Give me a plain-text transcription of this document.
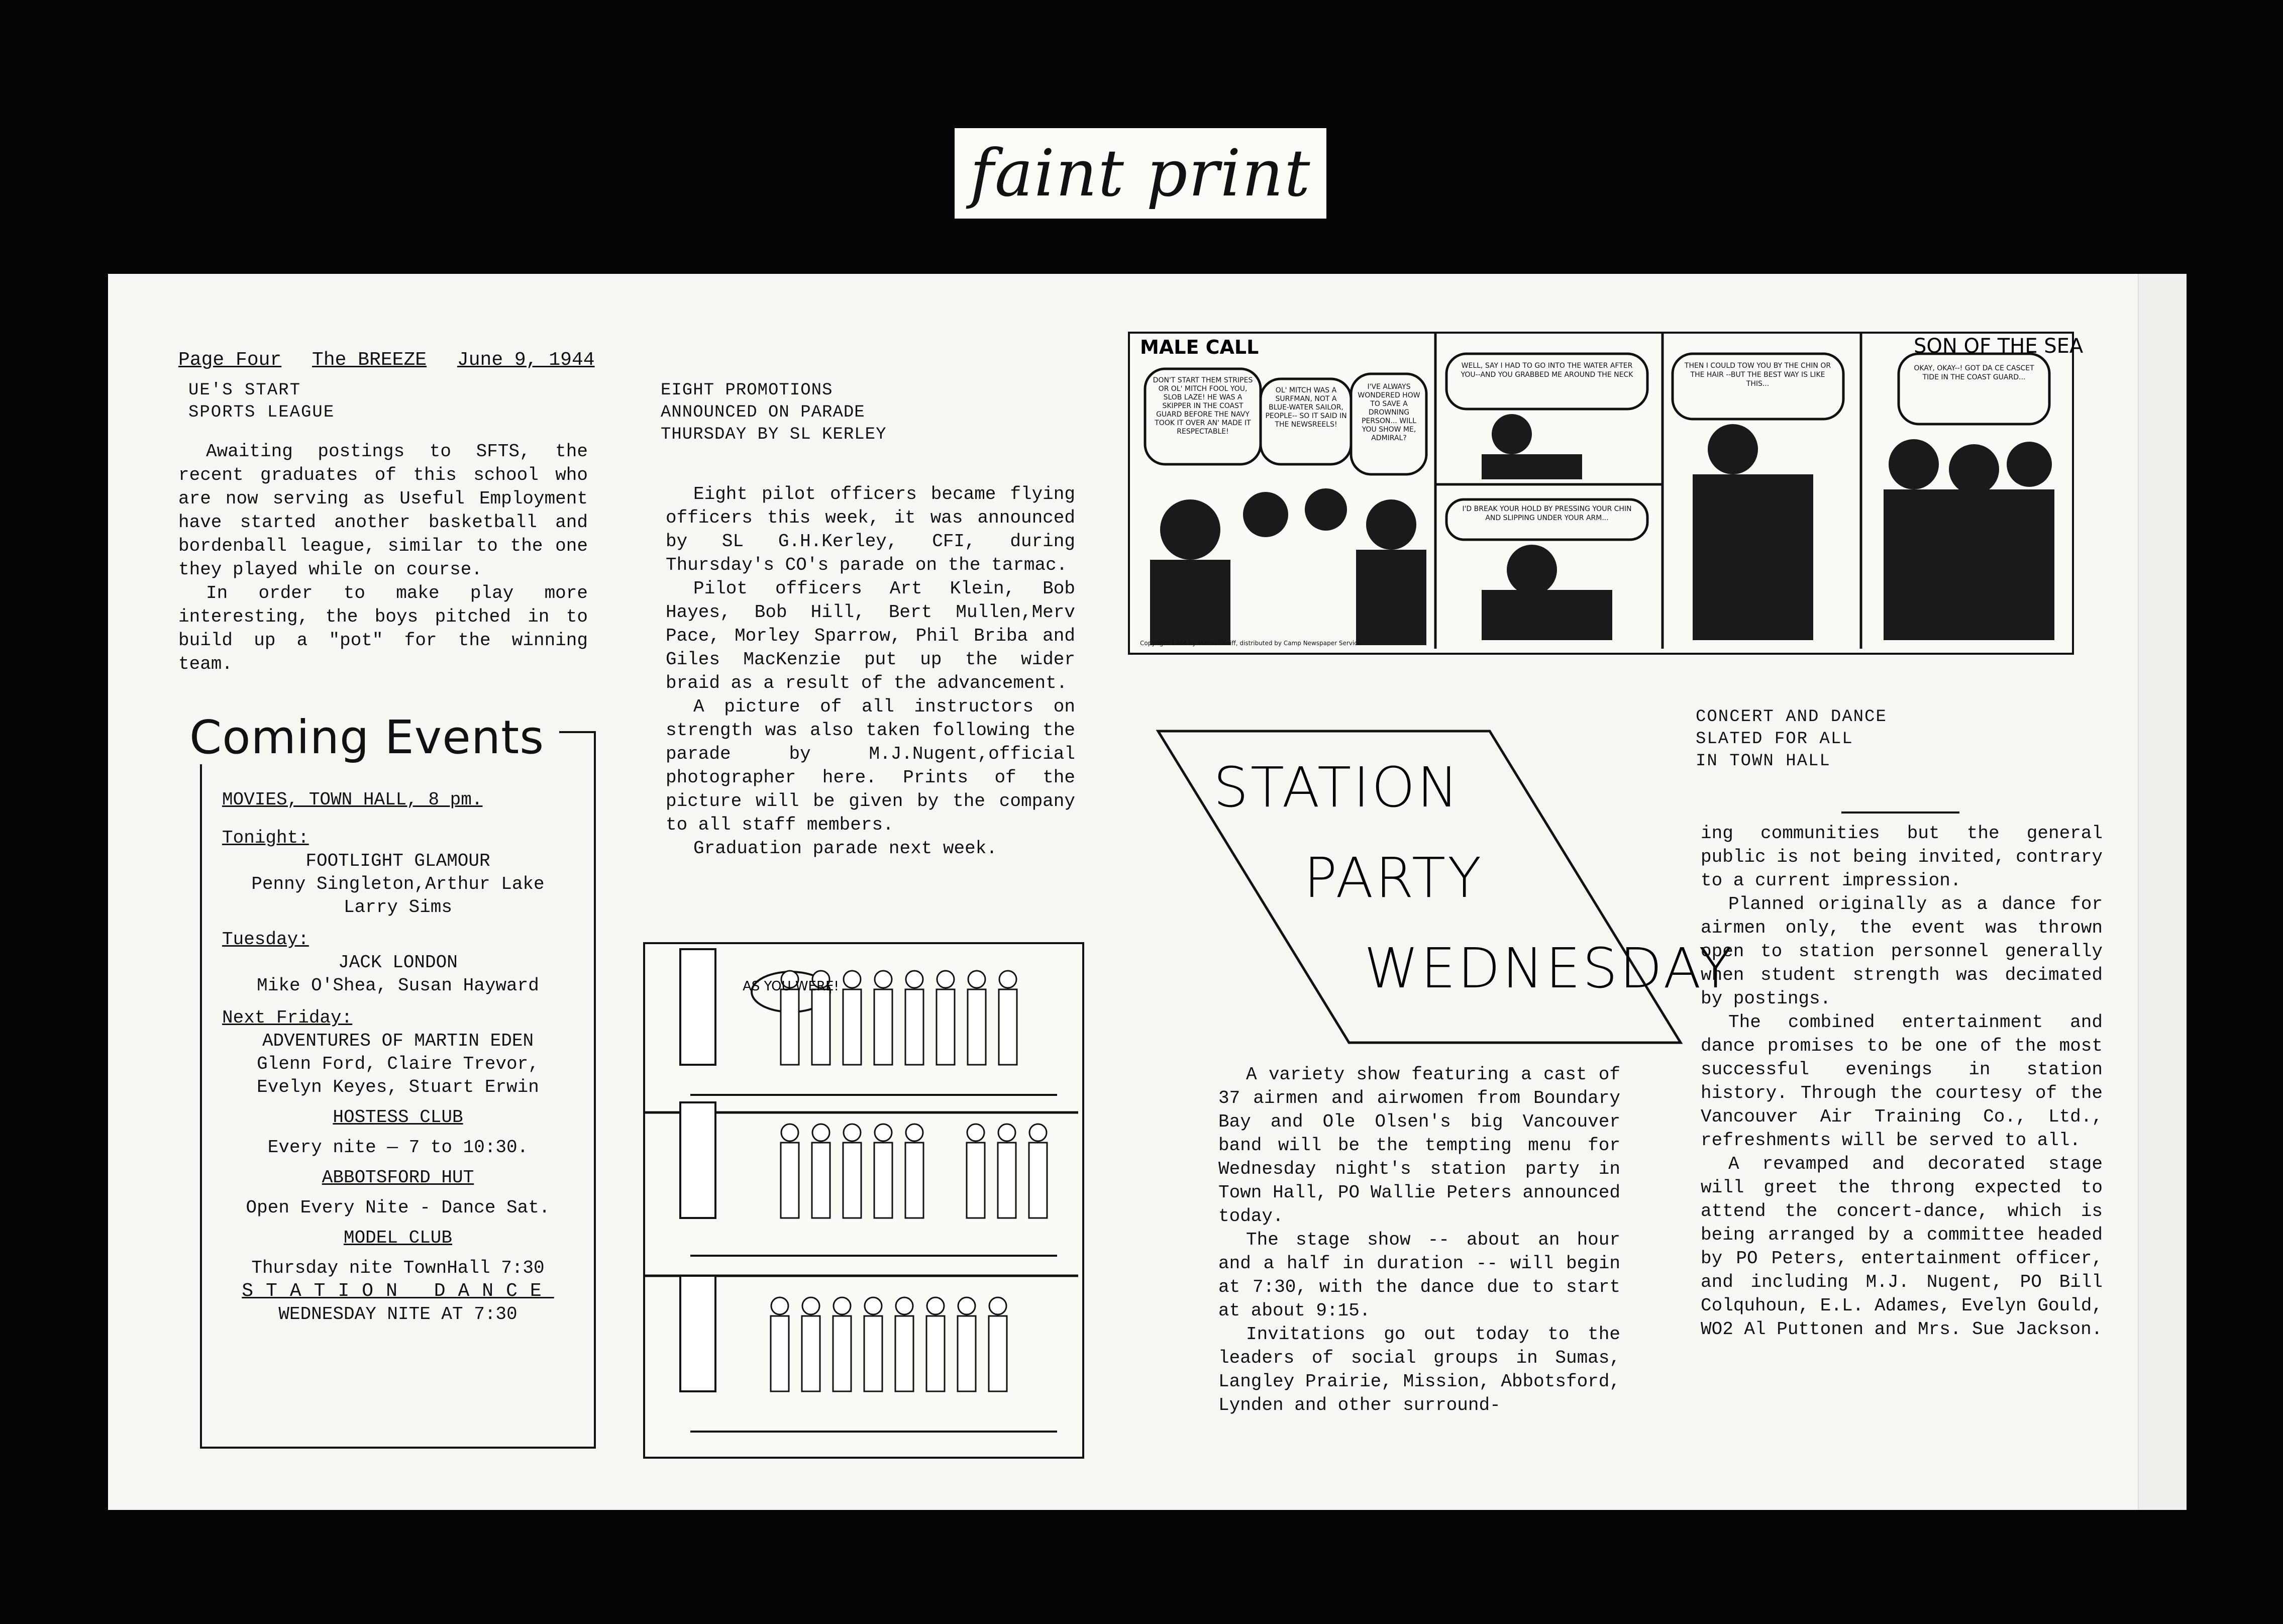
faint print
Page Four The BREEZE June 9, 1944
UE'S START
SPORTS LEAGUE

Awaiting postings to SFTS, the recent graduates of this school who are now serving as Useful Employment have started another basketball and bordenball league, similar to the one they played while on course.

In order to make play more interesting, the boys pitched in to build up a "pot" for the winning team.

Coming Events
MOVIES, TOWN HALL, 8 pm.
Tonight:
FOOTLIGHT GLAMOUR
Penny Singleton,Arthur Lake
Larry Sims
Tuesday:
JACK LONDON
Mike O'Shea, Susan Hayward
Next Friday:
ADVENTURES OF MARTIN EDEN
Glenn Ford, Claire Trevor,
Evelyn Keyes, Stuart Erwin
HOSTESS CLUB
Every nite — 7 to 10:30.
ABBOTSFORD HUT
Open Every Nite - Dance Sat.
MODEL CLUB
Thursday nite TownHall 7:30
STATION DANCE
WEDNESDAY NITE AT 7:30
EIGHT PROMOTIONS
ANNOUNCED ON PARADE
THURSDAY BY SL KERLEY

Eight pilot officers became flying officers this week, it was announced by SL G.H.Kerley, CFI, during Thursday's CO's parade on the tarmac.

Pilot officers Art Klein, Bob Hayes, Bob Hill, Bert Mullen,Merv Pace, Morley Sparrow, Phil Briba and Giles MacKenzie put up the wider braid as a result of the advancement.

A picture of all instructors on strength was also taken following the parade by M.J.Nugent,official photographer here. Prints of the picture will be given by the company to all staff members.

Graduation parade next week.

AS YOU WERE!
MALE CALL	SON OF THE SEA
DON'T START THEM STRIPES OR OL' MITCH FOOL YOU, SLOB LAZE! HE WAS A SKIPPER IN THE COAST GUARD BEFORE THE NAVY TOOK IT OVER AN' MADE IT RESPECTABLE!
OL' MITCH WAS A SURFMAN, NOT A BLUE-WATER SAILOR, PEOPLE-- SO IT SAID IN THE NEWSREELS!
I'VE ALWAYS WONDERED HOW TO SAVE A DROWNING PERSON... WILL YOU SHOW ME, ADMIRAL?
WELL, SAY I HAD TO GO INTO THE WATER AFTER YOU--AND YOU GRABBED ME AROUND THE NECK
I'D BREAK YOUR HOLD BY PRESSING YOUR CHIN AND SLIPPING UNDER YOUR ARM...
THEN I COULD TOW YOU BY THE CHIN OR THE HAIR --BUT THE BEST WAY IS LIKE THIS...
OKAY, OKAY--! GOT DA CE CASCET TIDE IN THE COAST GUARD...
Copyright 1944 by Milton Caniff, distributed by Camp Newspaper Service
STATION
PARTY
WEDNESDAY

A variety show featuring a cast of 37 airmen and airwomen from Boundary Bay and Ole Olsen's big Vancouver band will be the tempting menu for Wednesday night's station party in Town Hall, PO Wallie Peters announced today.

The stage show -- about an hour and a half in duration -- will begin at 7:30, with the dance due to start at about 9:15.

Invitations go out today to the leaders of social groups in Sumas, Langley Prairie, Mission, Abbotsford, Lynden and other surround-

CONCERT AND DANCE
SLATED FOR ALL
IN TOWN HALL

ing communities but the general public is not being invited, contrary to a current impression.

Planned originally as a dance for airmen only, the event was thrown open to station personnel generally when student strength was decimated by postings.

The combined entertainment and dance promises to be one of the most successful evenings in station history. Through the courtesy of the Vancouver Air Training Co., Ltd., refreshments will be served to all.

A revamped and decorated stage will greet the throng expected to attend the concert-dance, which is being arranged by a committee headed by PO Peters, entertainment officer, and including M.J. Nugent, PO Bill Colquhoun, E.L. Adames, Evelyn Gould, WO2 Al Puttonen and Mrs. Sue Jackson.
